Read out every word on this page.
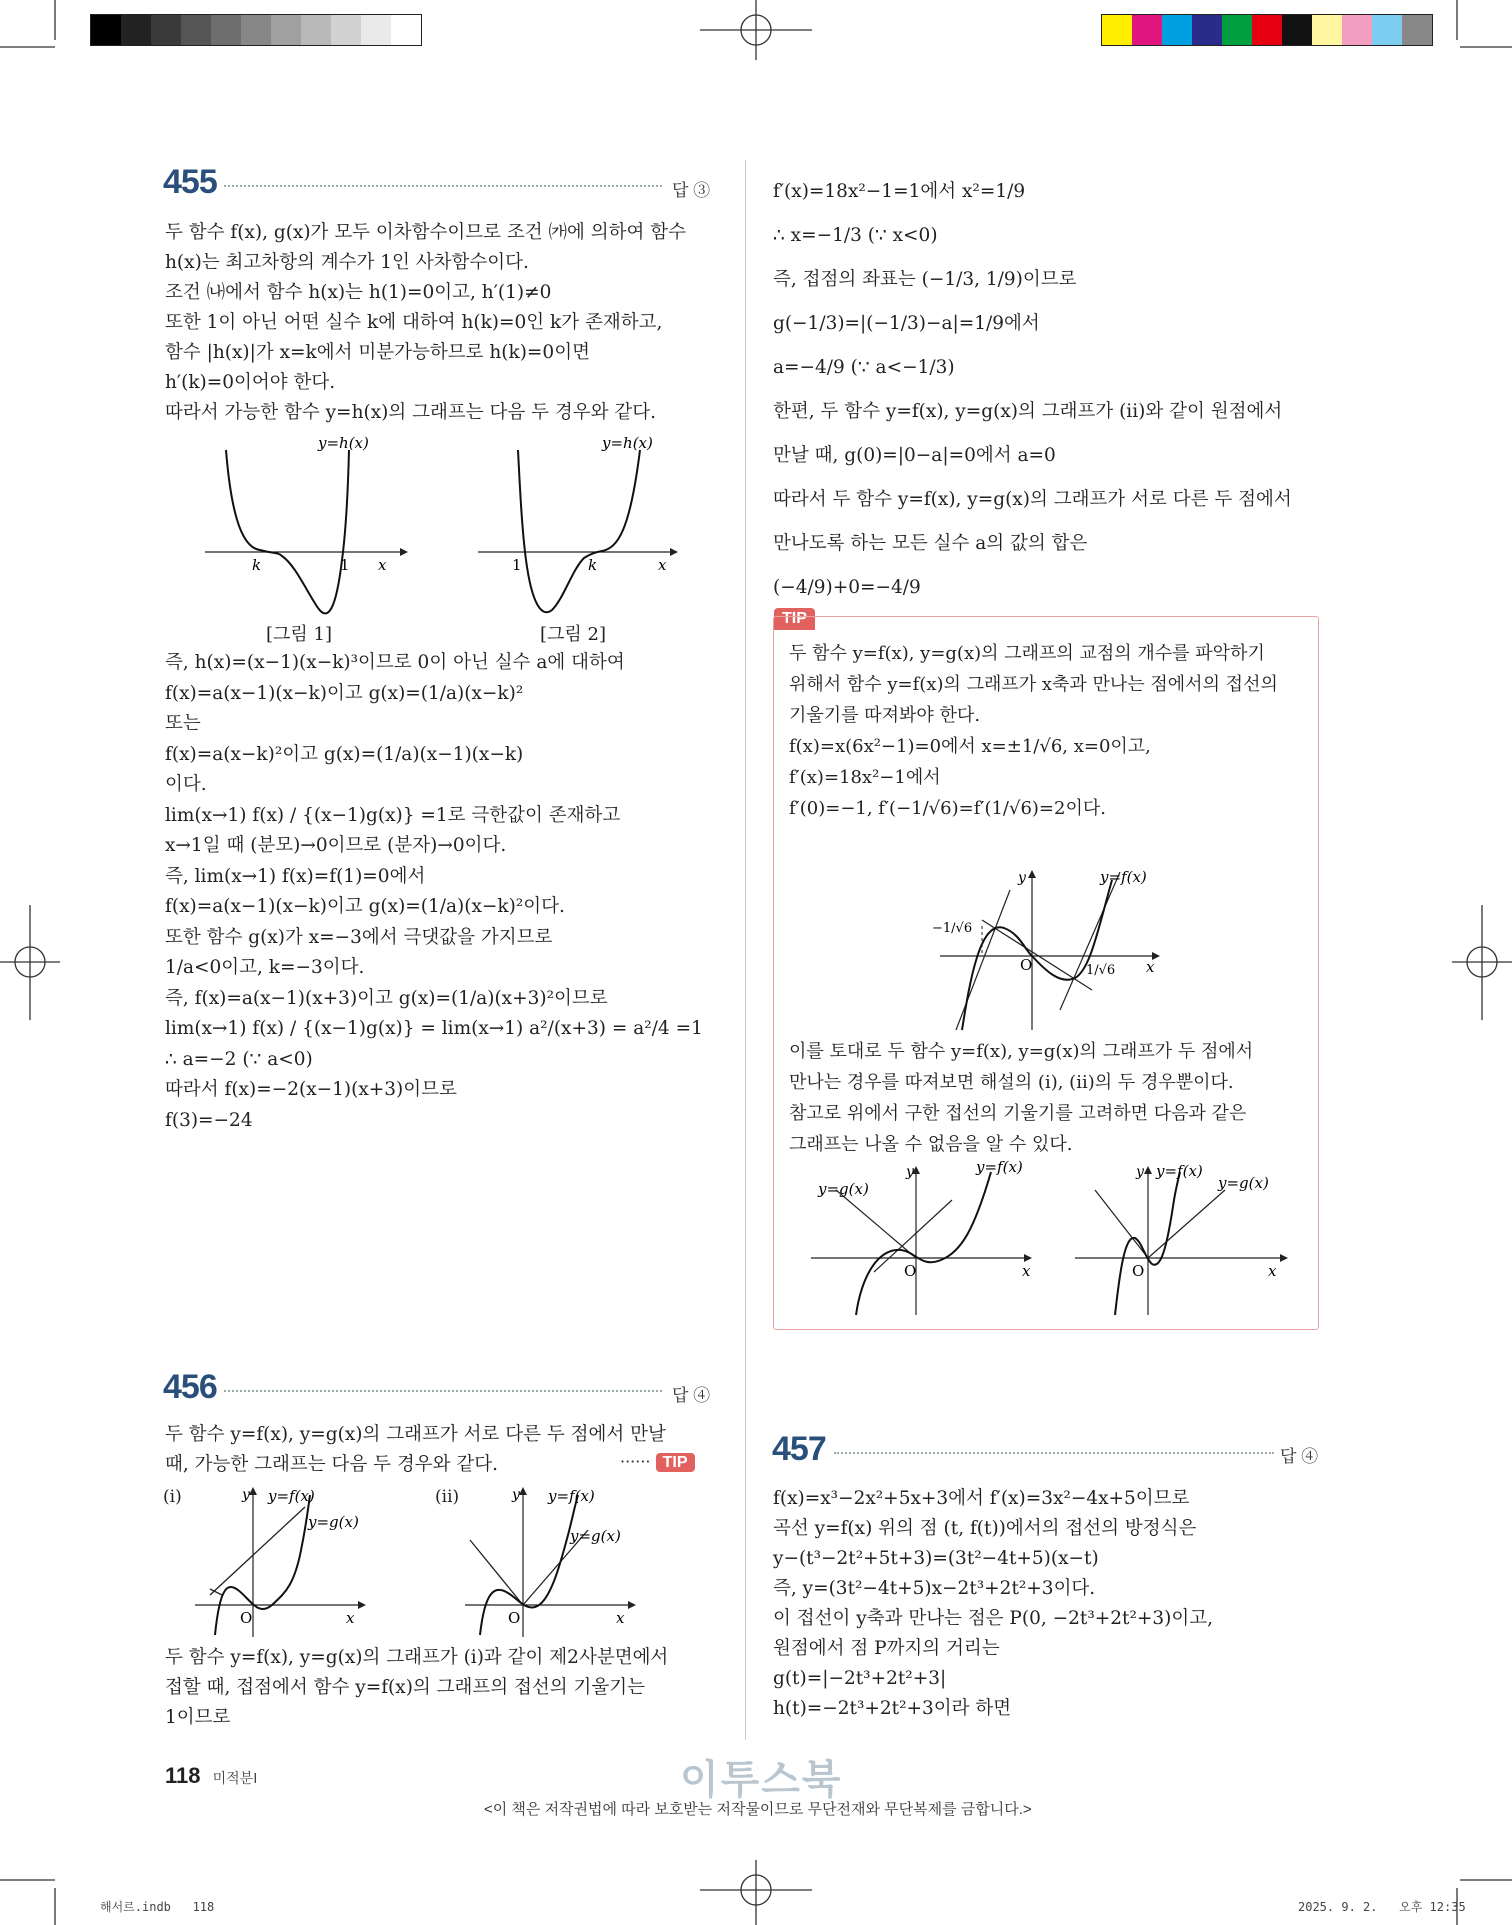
455	답 ③
두 함수 f(x), g(x)가 모두 이차함수이므로 조건 ㈎에 의하여 함수
h(x)는 최고차항의 계수가 1인 사차함수이다.
조건 ㈏에서 함수 h(x)는 h(1)=0이고, h′(1)≠0
또한 1이 아닌 어떤 실수 k에 대하여 h(k)=0인 k가 존재하고,
함수 |h(x)|가 x=k에서 미분가능하므로 h(k)=0이면
h′(k)=0이어야 한다.
따라서 가능한 함수 y=h(x)의 그래프는 다음 두 경우와 같다.
k	1 x
y=h(x)
1	k	x
y=h(x)
[그림 1]	[그림 2]
즉, h(x)=(x−1)(x−k)³이므로 0이 아닌 실수 a에 대하여
f(x)=a(x−1)(x−k)이고 g(x)=(1/a)(x−k)²
또는
f(x)=a(x−k)²이고 g(x)=(1/a)(x−1)(x−k)
이다.
lim(x→1) f(x) / {(x−1)g(x)} =1로 극한값이 존재하고
x→1일 때 (분모)→0이므로 (분자)→0이다.
즉, lim(x→1) f(x)=f(1)=0에서
f(x)=a(x−1)(x−k)이고 g(x)=(1/a)(x−k)²이다.
또한 함수 g(x)가 x=−3에서 극댓값을 가지므로
1/a<0이고, k=−3이다.
즉, f(x)=a(x−1)(x+3)이고 g(x)=(1/a)(x+3)²이므로
lim(x→1) f(x) / {(x−1)g(x)} = lim(x→1) a²/(x+3) = a²/4 =1
∴ a=−2 (∵ a<0)
따라서 f(x)=−2(x−1)(x+3)이므로
f(3)=−24
456	답 ④
두 함수 y=f(x), y=g(x)의 그래프가 서로 다른 두 점에서 만날
때, 가능한 그래프는 다음 두 경우와 같다.	······ TIP
(i)	(ii)
O	x
y y=f(x)
y=g(x)
O	x
y y=f(x)
y=g(x)
두 함수 y=f(x), y=g(x)의 그래프가 (i)과 같이 제2사분면에서
접할 때, 접점에서 함수 y=f(x)의 그래프의 접선의 기울기는
1이므로
f′(x)=18x²−1=1에서 x²=1/9
∴ x=−1/3 (∵ x<0)
즉, 접점의 좌표는 (−1/3, 1/9)이므로
g(−1/3)=|(−1/3)−a|=1/9에서
a=−4/9 (∵ a<−1/3)
한편, 두 함수 y=f(x), y=g(x)의 그래프가 (ii)와 같이 원점에서
만날 때, g(0)=|0−a|=0에서 a=0
따라서 두 함수 y=f(x), y=g(x)의 그래프가 서로 다른 두 점에서
만나도록 하는 모든 실수 a의 값의 합은
(−4/9)+0=−4/9
TIP
두 함수 y=f(x), y=g(x)의 그래프의 교점의 개수를 파악하기
위해서 함수 y=f(x)의 그래프가 x축과 만나는 점에서의 접선의
기울기를 따져봐야 한다.
f(x)=x(6x²−1)=0에서 x=±1/√6, x=0이고,
f′(x)=18x²−1에서
f′(0)=−1, f′(−1/√6)=f′(1/√6)=2이다.
O	x
y	y=f(x)
−1/√6
1/√6
이를 토대로 두 함수 y=f(x), y=g(x)의 그래프가 두 점에서
만나는 경우를 따져보면 해설의 (i), (ii)의 두 경우뿐이다.
참고로 위에서 구한 접선의 기울기를 고려하면 다음과 같은
그래프는 나올 수 없음을 알 수 있다.
O	x
y	y=f(x)
y=g(x)
O	x
y y=f(x)
y=g(x)
457	답 ④
f(x)=x³−2x²+5x+3에서 f′(x)=3x²−4x+5이므로
곡선 y=f(x) 위의 점 (t, f(t))에서의 접선의 방정식은
y−(t³−2t²+5t+3)=(3t²−4t+5)(x−t)
즉, y=(3t²−4t+5)x−2t³+2t²+3이다.
이 접선이 y축과 만나는 점은 P(0, −2t³+2t²+3)이고,
원점에서 점 P까지의 거리는
g(t)=|−2t³+2t²+3|
h(t)=−2t³+2t²+3이라 하면
118 미적분Ⅰ	이투스북
<이 책은 저작권법에 따라 보호받는 저작물이므로 무단전재와 무단복제를 금합니다.>
해서르.indb   118	2025. 9. 2.   오후 12:35
